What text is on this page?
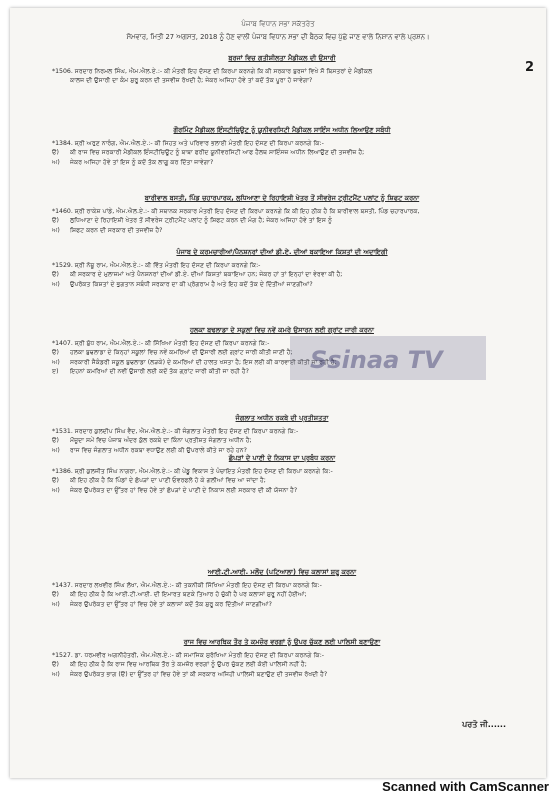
ਪੰਜਾਬ ਵਿਧਾਨ ਸਭਾ ਸਕੱਤਰੇਤ
ਸੋਮਵਾਰ, ਮਿਤੀ 27 ਅਗਸਤ, 2018 ਨੂੰ ਹੋਣ ਵਾਲੀ ਪੰਜਾਬ ਵਿਧਾਨ ਸਭਾ ਦੀ ਬੈਠਕ ਵਿਚ ਪੁੱਛੇ ਜਾਣ ਵਾਲੇ ਨਿਸ਼ਾਨ ਵਾਲੇ ਪ੍ਰਸ਼ਨ।
2
ਬੁਰਜਾਂ ਵਿਚ ਗਤੀਸ਼ੀਲਤਾ ਮੈਡੀਕਲ ਦੀ ਉਸਾਰੀ
*1506. ਸਰਦਾਰ ਨਿਰਮਲ ਸਿੰਘ, ਐਮ.ਐਲ.ਏ.:- ਕੀ ਮੰਤਰੀ ਇਹ ਦੱਸਣ ਦੀ ਕਿਰਪਾ ਕਰਨਗੇ ਕਿ ਕੀ ਸਰਕਾਰ ਬੁਰਜਾਂ ਵਿਖੇ ਸੌ ਬਿਸਤਰਾਂ ਦੇ ਮੈਡੀਕਲ
ਕਾਲਜ ਦੀ ਉਸਾਰੀ ਦਾ ਕੰਮ ਸ਼ੁਰੂ ਕਰਨ ਦੀ ਤਜਵੀਜ਼ ਰੱਖਦੀ ਹੈ; ਜੇਕਰ ਅਜਿਹਾ ਹੋਵੇ ਤਾਂ ਕਦੋਂ ਤੱਕ ਪੂਰਾ ਹੋ ਜਾਵੇਗਾ?
ਗੌਰਮਿੰਟ ਮੈਡੀਕਲ ਇੰਸਟੀਚਿਊਟ ਨੂੰ ਯੂਨੀਵਰਸਿਟੀ ਮੈਡੀਕਲ ਸਾਇੰਸ ਅਧੀਨ ਲਿਆਉਣ ਸਬੰਧੀ
*1384. ਸ਼੍ਰੀ ਅਰੁਣ ਨਾਰੰਗ, ਐਮ.ਐਲ.ਏ.:- ਕੀ ਸਿਹਤ ਅਤੇ ਪਰਿਵਾਰ ਭਲਾਈ ਮੰਤਰੀ ਇਹ ਦੱਸਣ ਦੀ ਕਿਰਪਾ ਕਰਨਗੇ ਕਿ:-
ੳ)	ਕੀ ਰਾਜ ਵਿਚ ਸਰਕਾਰੀ ਮੈਡੀਕਲ ਇੰਸਟੀਚਿਊਟ ਨੂੰ ਬਾਬਾ ਫਰੀਦ ਯੂਨੀਵਰਸਿਟੀ ਆਫ ਹੈਲਥ ਸਾਇੰਸਜ਼ ਅਧੀਨ ਲਿਆਉਣ ਦੀ ਤਜਵੀਜ਼ ਹੈ;
ਅ)	ਜੇਕਰ ਅਜਿਹਾ ਹੋਵੇ ਤਾਂ ਇਸ ਨੂੰ ਕਦੋਂ ਤੱਕ ਲਾਗੂ ਕਰ ਦਿੱਤਾ ਜਾਵੇਗਾ?
ਬਾਰੀਵਾਲ ਬਸਤੀ, ਪਿੰਡ ਚਹਾਰਪਾਰਕ, ਲੁਧਿਆਣਾ ਦੇ ਰਿਹਾਇਸ਼ੀ ਖੇਤਰ ਤੋਂ ਸੀਵਰੇਜ ਟ੍ਰੀਟਮੈਂਟ ਪਲਾਂਟ ਨੂੰ ਸ਼ਿਫਟ ਕਰਨਾ
*1460. ਸ਼੍ਰੀ ਰਾਕੇਸ਼ ਪਾਂਡੇ, ਐਮ.ਐਲ.ਏ.:- ਕੀ ਸਥਾਨਕ ਸਰਕਾਰ ਮੰਤਰੀ ਇਹ ਦੱਸਣ ਦੀ ਕਿਰਪਾ ਕਰਨਗੇ ਕਿ ਕੀ ਇਹ ਠੀਕ ਹੈ ਕਿ ਬਾਰੀਵਾਲ ਬਸਤੀ, ਪਿੰਡ ਚਹਾਰਪਾਰਕ,
ੳ)	ਲੁਧਿਆਣਾ ਦੇ ਰਿਹਾਇਸ਼ੀ ਖੇਤਰ ਤੋਂ ਸੀਵਰੇਜ ਟ੍ਰੀਟਮੈਂਟ ਪਲਾਂਟ ਨੂੰ ਸ਼ਿਫਟ ਕਰਨ ਦੀ ਮੰਗ ਹੈ; ਜੇਕਰ ਅਜਿਹਾ ਹੋਵੇ ਤਾਂ ਇਸ ਨੂੰ
ਅ)	ਸ਼ਿਫਟ ਕਰਨ ਦੀ ਸਰਕਾਰ ਦੀ ਤਜਵੀਜ਼ ਹੈ?
ਪੰਜਾਬ ਦੇ ਕਰਮਚਾਰੀਆਂ/ਪੈਨਸ਼ਨਰਾਂ ਦੀਆਂ ਡੀ.ਏ. ਦੀਆਂ ਬਕਾਇਆ ਕਿਸ਼ਤਾਂ ਦੀ ਅਦਾਇਗੀ
*1529. ਸ਼੍ਰੀ ਨੱਥੂ ਰਾਮ, ਐਮ.ਐਲ.ਏ.:- ਕੀ ਵਿੱਤ ਮੰਤਰੀ ਇਹ ਦੱਸਣ ਦੀ ਕਿਰਪਾ ਕਰਨਗੇ ਕਿ:-
ੳ)	ਕੀ ਸਰਕਾਰ ਦੇ ਮੁਲਾਜ਼ਮਾਂ ਅਤੇ ਪੈਨਸ਼ਨਰਾਂ ਦੀਆਂ ਡੀ.ਏ. ਦੀਆਂ ਕਿਸ਼ਤਾਂ ਬਕਾਇਆ ਹਨ; ਜੇਕਰ ਹਾਂ ਤਾਂ ਇਨ੍ਹਾਂ ਦਾ ਵੇਰਵਾ ਕੀ ਹੈ;
ਅ)	ਉਪਰੋਕਤ ਕਿਸ਼ਤਾਂ ਦੇ ਭੁਗਤਾਨ ਸਬੰਧੀ ਸਰਕਾਰ ਦਾ ਕੀ ਪ੍ਰੋਗਰਾਮ ਹੈ ਅਤੇ ਇਹ ਕਦੋਂ ਤੱਕ ਦੇ ਦਿੱਤੀਆਂ ਜਾਣਗੀਆਂ?
ਹਲਕਾ ਬੁਢਲਾਡਾ ਦੇ ਸਕੂਲਾਂ ਵਿਚ ਨਵੇਂ ਕਮਰੇ ਉਸਾਰਨ ਲਈ ਗ੍ਰਾਂਟ ਜਾਰੀ ਕਰਨਾ
*1407. ਸ਼੍ਰੀ ਬੁੱਧ ਰਾਮ, ਐਮ.ਐਲ.ਏ.:- ਕੀ ਸਿੱਖਿਆ ਮੰਤਰੀ ਇਹ ਦੱਸਣ ਦੀ ਕਿਰਪਾ ਕਰਨਗੇ ਕਿ:-
ੳ)	ਹਲਕਾ ਬੁਢਲਾਡਾ ਦੇ ਕਿਨ੍ਹਾਂ ਸਕੂਲਾਂ ਵਿਚ ਨਵੇਂ ਕਮਰਿਆਂ ਦੀ ਉਸਾਰੀ ਲਈ ਗ੍ਰਾਂਟ ਜਾਰੀ ਕੀਤੀ ਜਾਣੀ ਹੈ;
ਅ)	ਸਰਕਾਰੀ ਸੈਕੰਡਰੀ ਸਕੂਲ ਬੁਢਲਾਡਾ (ਲੜਕੇ) ਦੇ ਕਮਰਿਆਂ ਦੀ ਹਾਲਤ ਖਸਤਾ ਹੈ; ਇਸ ਲਈ ਕੀ ਕਾਰਵਾਈ ਕੀਤੀ ਜਾ ਰਹੀ ਹੈ;
ੲ)	ਇਹਨਾਂ ਕਮਰਿਆਂ ਦੀ ਨਵੀਂ ਉਸਾਰੀ ਲਈ ਕਦੋਂ ਤੱਕ ਗ੍ਰਾਂਟ ਜਾਰੀ ਕੀਤੀ ਜਾ ਰਹੀ ਹੈ?
ਜੰਗਲਾਤ ਅਧੀਨ ਰਕਬੇ ਦੀ ਪ੍ਰਤੀਸ਼ਤਤਾ
*1531. ਸਰਦਾਰ ਕੁਲਦੀਪ ਸਿੰਘ ਵੈਦ, ਐਮ.ਐਲ.ਏ.:- ਕੀ ਜੰਗਲਾਤ ਮੰਤਰੀ ਇਹ ਦੱਸਣ ਦੀ ਕਿਰਪਾ ਕਰਨਗੇ ਕਿ:-
ੳ)	ਮੌਜੂਦਾ ਸਮੇਂ ਵਿਚ ਪੰਜਾਬ ਅੰਦਰ ਕੁੱਲ ਰਕਬੇ ਦਾ ਕਿੰਨਾ ਪ੍ਰਤੀਸ਼ਤ ਜੰਗਲਾਤ ਅਧੀਨ ਹੈ;
ਅ)	ਰਾਜ ਵਿਚ ਜੰਗਲਾਤ ਅਧੀਨ ਰਕਬਾ ਵਧਾਉਣ ਲਈ ਕੀ ਉਪਰਾਲੇ ਕੀਤੇ ਜਾ ਰਹੇ ਹਨ?
ਛੱਪੜਾਂ ਦੇ ਪਾਣੀ ਦੇ ਨਿਕਾਸ ਦਾ ਪ੍ਰਬੰਧ ਕਰਨਾ
*1386. ਸ਼੍ਰੀ ਕੁਲਜੀਤ ਸਿੰਘ ਨਾਗਰਾ, ਐਮ.ਐਲ.ਏ.:- ਕੀ ਪੇਂਡੂ ਵਿਕਾਸ ਤੇ ਪੰਚਾਇਤ ਮੰਤਰੀ ਇਹ ਦੱਸਣ ਦੀ ਕਿਰਪਾ ਕਰਨਗੇ ਕਿ:-
ੳ)	ਕੀ ਇਹ ਠੀਕ ਹੈ ਕਿ ਪਿੰਡਾਂ ਦੇ ਛੱਪੜਾਂ ਦਾ ਪਾਣੀ ਓਵਰਫਲੋ ਹੋ ਕੇ ਗਲੀਆਂ ਵਿਚ ਆ ਜਾਂਦਾ ਹੈ;
ਅ)	ਜੇਕਰ ਉਪਰੋਕਤ ਦਾ ਉੱਤਰ ਹਾਂ ਵਿਚ ਹੋਵੇ ਤਾਂ ਛੱਪੜਾਂ ਦੇ ਪਾਣੀ ਦੇ ਨਿਕਾਸ ਲਈ ਸਰਕਾਰ ਦੀ ਕੀ ਯੋਜਨਾ ਹੈ?
ਆਈ.ਟੀ.ਆਈ. ਮਲੌਦ (ਪਟਿਆਲਾ) ਵਿਚ ਕਲਾਸਾਂ ਸ਼ੁਰੂ ਕਰਨਾ
*1437. ਸਰਦਾਰ ਲਖਵੀਰ ਸਿੰਘ ਲੱਖਾ, ਐਮ.ਐਲ.ਏ.:- ਕੀ ਤਕਨੀਕੀ ਸਿੱਖਿਆ ਮੰਤਰੀ ਇਹ ਦੱਸਣ ਦੀ ਕਿਰਪਾ ਕਰਨਗੇ ਕਿ:-
ੳ)	ਕੀ ਇਹ ਠੀਕ ਹੈ ਕਿ ਆਈ.ਟੀ.ਆਈ. ਦੀ ਇਮਾਰਤ ਬਣਕੇ ਤਿਆਰ ਹੋ ਚੁੱਕੀ ਹੈ ਪਰ ਕਲਾਸਾਂ ਸ਼ੁਰੂ ਨਹੀਂ ਹੋਈਆਂ;
ਅ)	ਜੇਕਰ ਉਪਰੋਕਤ ਦਾ ਉੱਤਰ ਹਾਂ ਵਿਚ ਹੋਵੇ ਤਾਂ ਕਲਾਸਾਂ ਕਦੋਂ ਤੱਕ ਸ਼ੁਰੂ ਕਰ ਦਿੱਤੀਆਂ ਜਾਣਗੀਆਂ?
ਰਾਜ ਵਿਚ ਆਰਥਿਕ ਤੌਰ ਤੇ ਕਮਜ਼ੋਰ ਵਰਗਾਂ ਨੂੰ ਉਪਰ ਚੁੱਕਣ ਲਈ ਪਾਲਿਸੀ ਬਣਾਉਣਾ
*1527. ਡਾ. ਧਰਮਵੀਰ ਅਗਨੀਹੋਤਰੀ, ਐਮ.ਐਲ.ਏ.:- ਕੀ ਸਮਾਜਿਕ ਸੁਰੱਖਿਆ ਮੰਤਰੀ ਇਹ ਦੱਸਣ ਦੀ ਕਿਰਪਾ ਕਰਨਗੇ ਕਿ:-
ੳ)	ਕੀ ਇਹ ਠੀਕ ਹੈ ਕਿ ਰਾਜ ਵਿਚ ਆਰਥਿਕ ਤੌਰ ਤੇ ਕਮਜ਼ੋਰ ਵਰਗਾਂ ਨੂੰ ਉਪਰ ਚੁੱਕਣ ਲਈ ਕੋਈ ਪਾਲਿਸੀ ਨਹੀਂ ਹੈ;
ਅ)	ਜੇਕਰ ਉਪਰੋਕਤ ਭਾਗ (ੳ) ਦਾ ਉੱਤਰ ਹਾਂ ਵਿਚ ਹੋਵੇ ਤਾਂ ਕੀ ਸਰਕਾਰ ਅਜਿਹੀ ਪਾਲਿਸੀ ਬਣਾਉਣ ਦੀ ਤਜਵੀਜ਼ ਰੱਖਦੀ ਹੈ?
ਪਰਤੋ ਜੀ......
Ssinaa TV
Scanned with CamScanner
